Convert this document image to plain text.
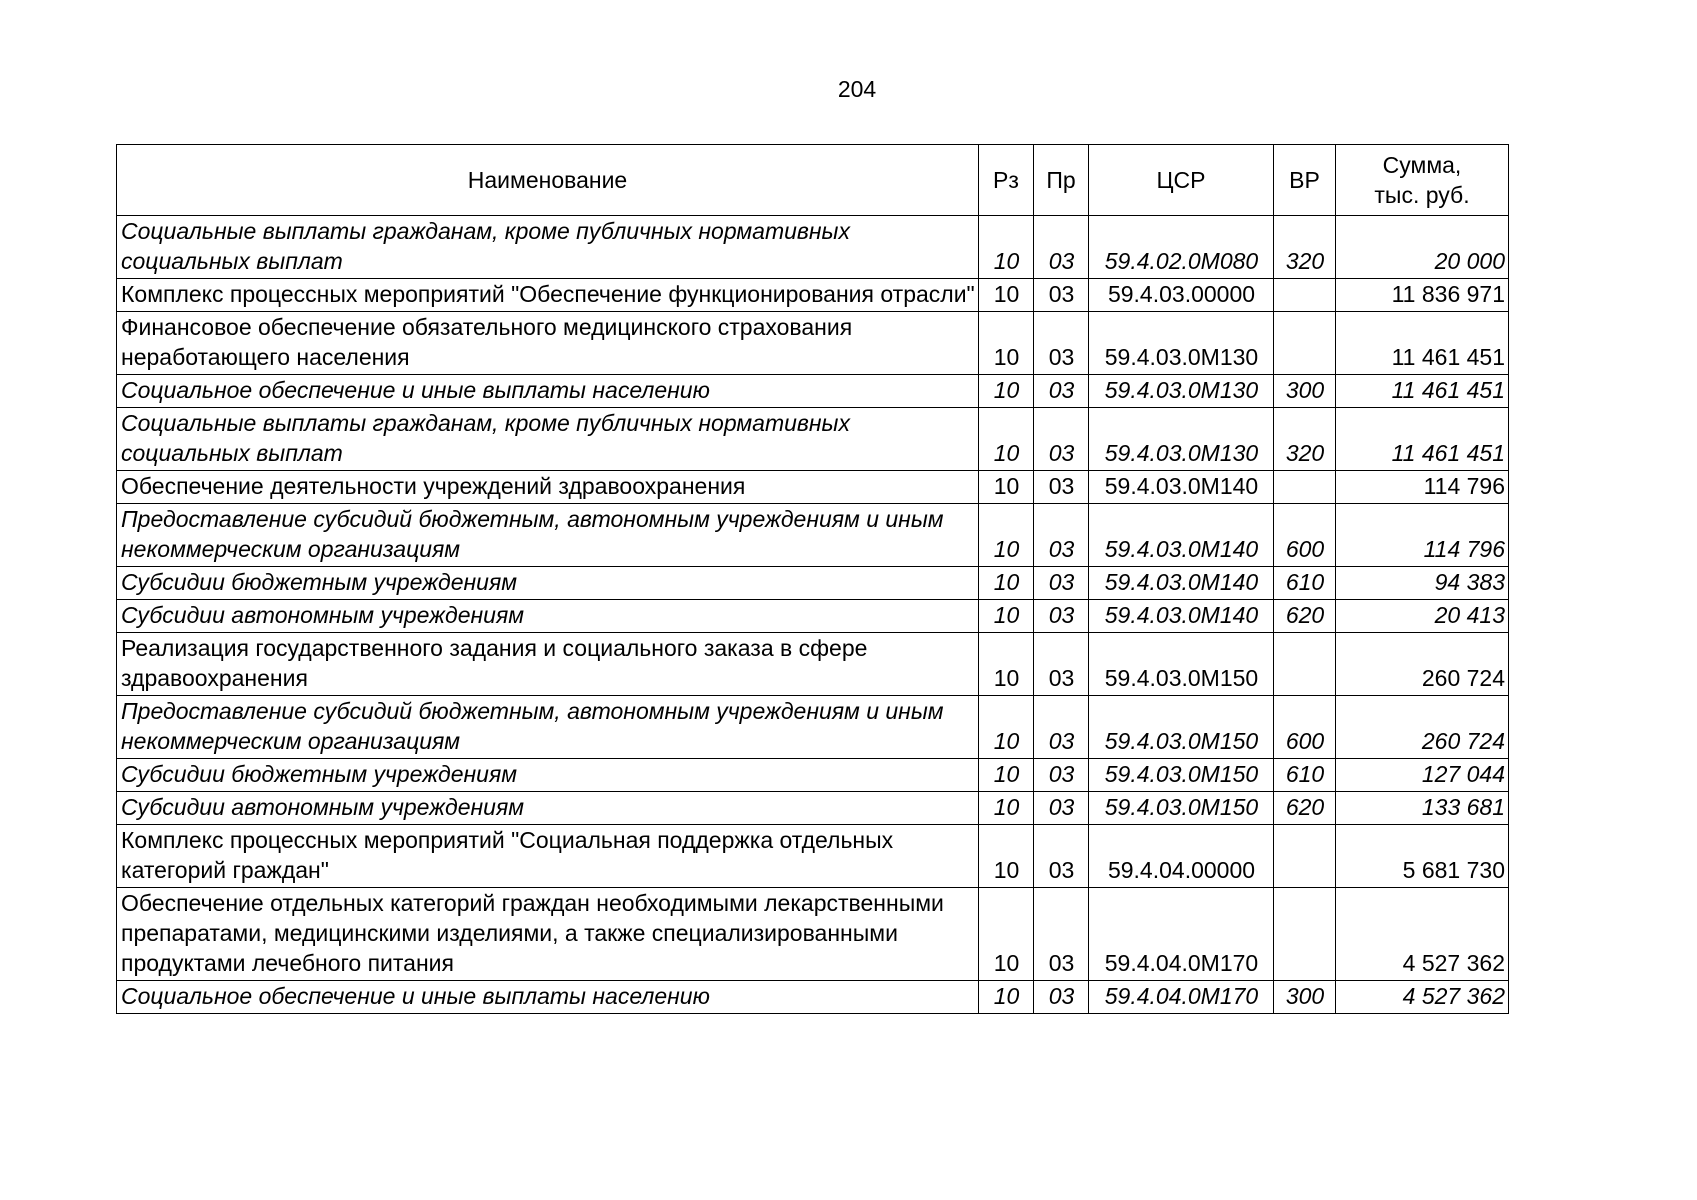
204
Наименование	Рз	Пр	ЦСР	ВР	Сумма,
тыс. руб.

Социальные выплаты гражданам, кроме публичных нормативных социальных выплат	10	03	59.4.02.0М080	320	20 000
Комплекс процессных мероприятий "Обеспечение функционирования отрасли"	10	03	59.4.03.00000		11 836 971
Финансовое обеспечение обязательного медицинского страхования неработающего населения	10	03	59.4.03.0М130		11 461 451
Социальное обеспечение и иные выплаты населению	10	03	59.4.03.0М130	300	11 461 451
Социальные выплаты гражданам, кроме публичных нормативных социальных выплат	10	03	59.4.03.0М130	320	11 461 451
Обеспечение деятельности учреждений здравоохранения	10	03	59.4.03.0М140		114 796
Предоставление субсидий бюджетным, автономным учреждениям и иным некоммерческим организациям	10	03	59.4.03.0М140	600	114 796
Субсидии бюджетным учреждениям	10	03	59.4.03.0М140	610	94 383
Субсидии автономным учреждениям	10	03	59.4.03.0М140	620	20 413
Реализация государственного задания и социального заказа в сфере здравоохранения	10	03	59.4.03.0М150		260 724
Предоставление субсидий бюджетным, автономным учреждениям и иным некоммерческим организациям	10	03	59.4.03.0М150	600	260 724
Субсидии бюджетным учреждениям	10	03	59.4.03.0М150	610	127 044
Субсидии автономным учреждениям	10	03	59.4.03.0М150	620	133 681
Комплекс процессных мероприятий "Социальная поддержка отдельных категорий граждан"	10	03	59.4.04.00000		5 681 730
Обеспечение отдельных категорий граждан необходимыми лекарственными препаратами, медицинскими изделиями, а также специализированными продуктами лечебного питания	10	03	59.4.04.0М170		4 527 362
Социальное обеспечение и иные выплаты населению	10	03	59.4.04.0М170	300	4 527 362
